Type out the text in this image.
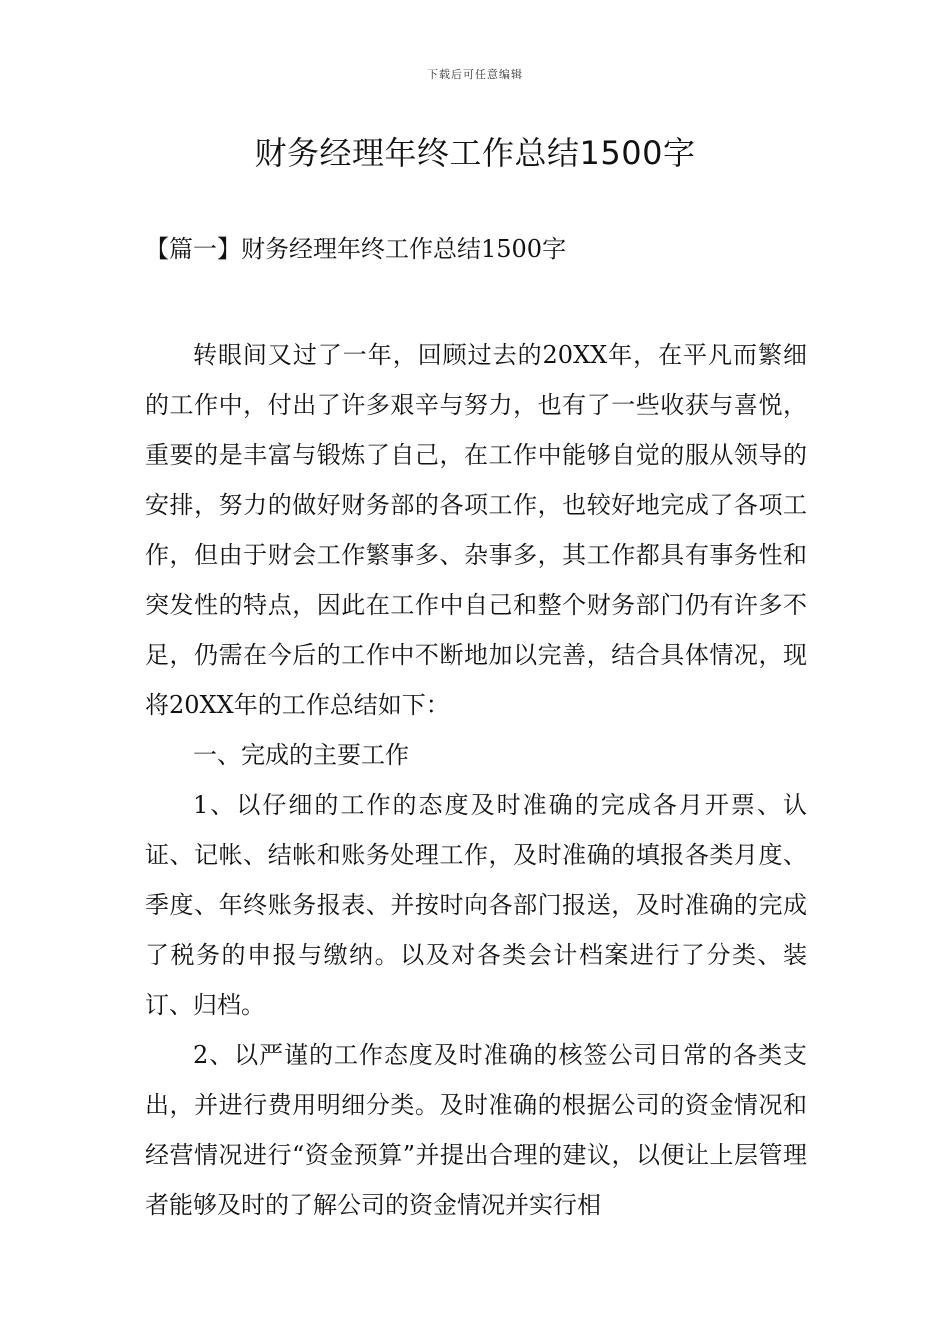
下载后可任意编辑
财务经理年终工作总结1500字
【篇一】财务经理年终工作总结1500字

转眼间又过了一年，回顾过去的20XX年，在平凡而繁细的工作中，付出了许多艰辛与努力，也有了一些收获与喜悦，重要的是丰富与锻炼了自己，在工作中能够自觉的服从领导的安排，努力的做好财务部的各项工作，也较好地完成了各项工作，但由于财会工作繁事多、杂事多，其工作都具有事务性和突发性的特点，因此在工作中自己和整个财务部门仍有许多不足，仍需在今后的工作中不断地加以完善，结合具体情况，现将20XX年的工作总结如下：

一、完成的主要工作

1、以仔细的工作的态度及时准确的完成各月开票、认证、记帐、结帐和账务处理工作，及时准确的填报各类月度、季度、年终账务报表、并按时向各部门报送，及时准确的完成了税务的申报与缴纳。以及对各类会计档案进行了分类、装订、归档。

2、以严谨的工作态度及时准确的核签公司日常的各类支出，并进行费用明细分类。及时准确的根据公司的资金情况和经营情况进行“资金预算”并提出合理的建议，以便让上层管理者能够及时的了解公司的资金情况并实行相
